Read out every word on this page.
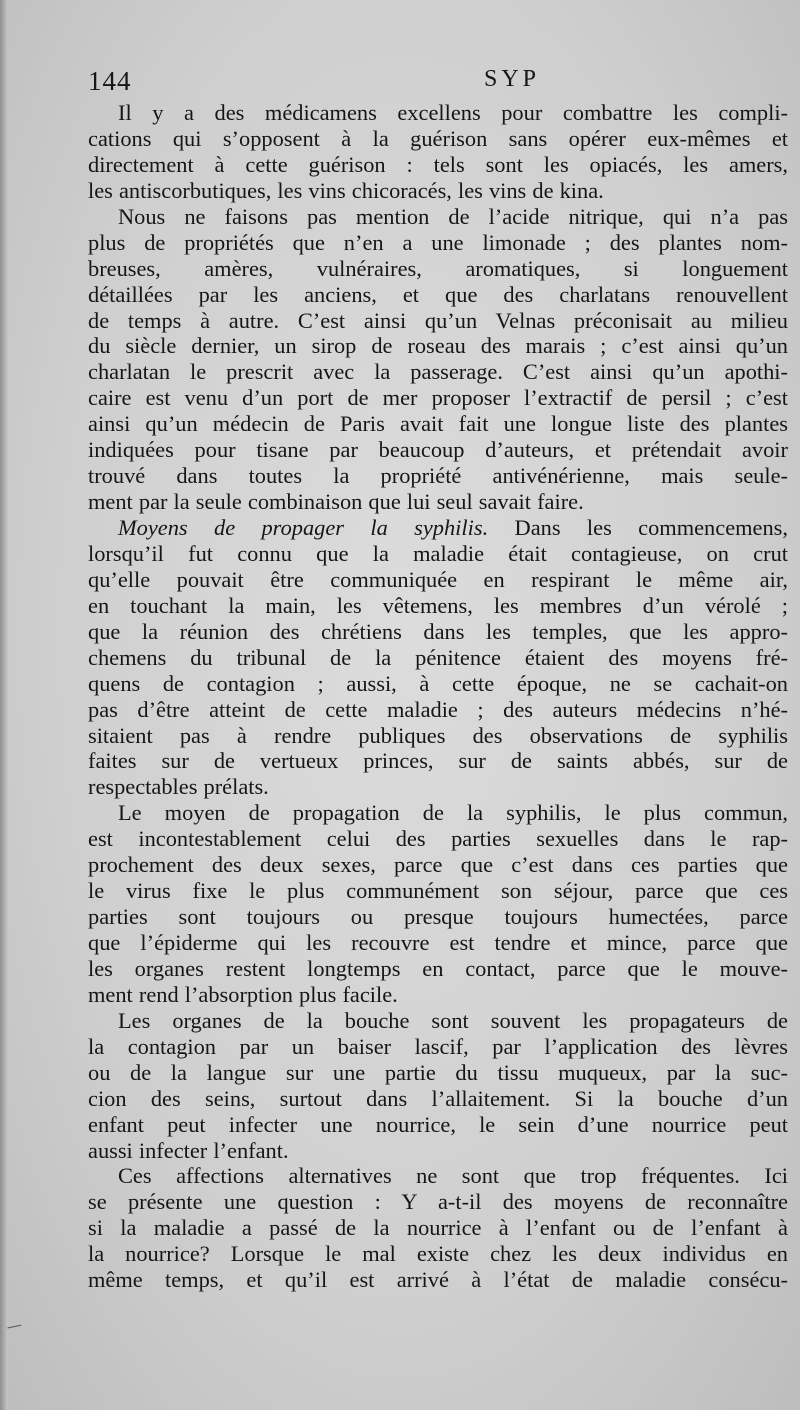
144	SYP
Il y a des médicamens excellens pour combattre les compli-
cations qui s’opposent à la guérison sans opérer eux-mêmes et
directement à cette guérison : tels sont les opiacés, les amers,
les antiscorbutiques, les vins chicoracés, les vins de kina.
Nous ne faisons pas mention de l’acide nitrique, qui n’a pas
plus de propriétés que n’en a une limonade ; des plantes nom-
breuses, amères, vulnéraires, aromatiques, si longuement
détaillées par les anciens, et que des charlatans renouvellent
de temps à autre. C’est ainsi qu’un Velnas préconisait au milieu
du siècle dernier, un sirop de roseau des marais ; c’est ainsi qu’un
charlatan le prescrit avec la passerage. C’est ainsi qu’un apothi-
caire est venu d’un port de mer proposer l’extractif de persil ; c’est
ainsi qu’un médecin de Paris avait fait une longue liste des plantes
indiquées pour tisane par beaucoup d’auteurs, et prétendait avoir
trouvé dans toutes la propriété antivénérienne, mais seule-
ment par la seule combinaison que lui seul savait faire.
Moyens de propager la syphilis. Dans les commencemens,
lorsqu’il fut connu que la maladie était contagieuse, on crut
qu’elle pouvait être communiquée en respirant le même air,
en touchant la main, les vêtemens, les membres d’un vérolé ;
que la réunion des chrétiens dans les temples, que les appro-
chemens du tribunal de la pénitence étaient des moyens fré-
quens de contagion ; aussi, à cette époque, ne se cachait-on
pas d’être atteint de cette maladie ; des auteurs médecins n’hé-
sitaient pas à rendre publiques des observations de syphilis
faites sur de vertueux princes, sur de saints abbés, sur de
respectables prélats.
Le moyen de propagation de la syphilis, le plus commun,
est incontestablement celui des parties sexuelles dans le rap-
prochement des deux sexes, parce que c’est dans ces parties que
le virus fixe le plus communément son séjour, parce que ces
parties sont toujours ou presque toujours humectées, parce
que l’épiderme qui les recouvre est tendre et mince, parce que
les organes restent longtemps en contact, parce que le mouve-
ment rend l’absorption plus facile.
Les organes de la bouche sont souvent les propagateurs de
la contagion par un baiser lascif, par l’application des lèvres
ou de la langue sur une partie du tissu muqueux, par la suc-
cion des seins, surtout dans l’allaitement. Si la bouche d’un
enfant peut infecter une nourrice, le sein d’une nourrice peut
aussi infecter l’enfant.
Ces affections alternatives ne sont que trop fréquentes. Ici
se présente une question : Y a-t-il des moyens de reconnaître
si la maladie a passé de la nourrice à l’enfant ou de l’enfant à
la nourrice? Lorsque le mal existe chez les deux individus en
même temps, et qu’il est arrivé à l’état de maladie consécu-
